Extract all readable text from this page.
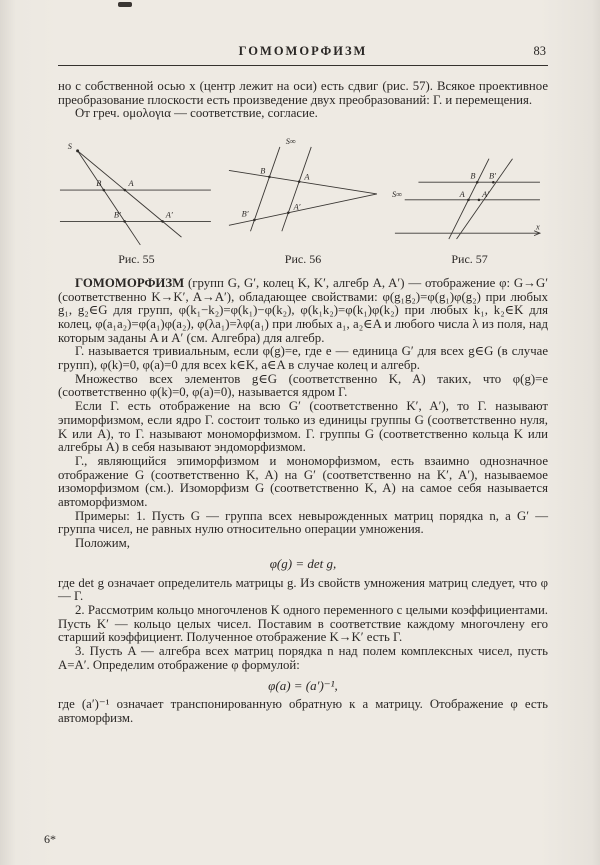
ГОМОМОРФИЗМ	83

но с собственной осью x (центр лежит на оси) есть сдвиг (рис. 57). Всякое проективное преобразование плоскости есть произведение двух преобразований: Г. и перемещения.

От греч. ομολογια — соответствие, согласие.

S
B	A
B′	A′
Рис. 55
S∞
B
A
B′
A′
Рис. 56
S∞
B B′
A A′
x
Рис. 57

ГОМОМОРФИЗМ (групп G, G′, колец K, K′, алгебр A, A′) — отображение φ: G→G′ (соответственно K→K′, A→A′), обладающее свойствами: φ(g₁g₂)=φ(g₁)φ(g₂) при любых g₁, g₂∈G для групп, φ(k₁−k₂)=φ(k₁)−φ(k₂), φ(k₁k₂)=φ(k₁)φ(k₂) при любых k₁, k₂∈K для колец, φ(a₁a₂)=φ(a₁)φ(a₂), φ(λa₁)=λφ(a₁) при любых a₁, a₂∈A и любого числа λ из поля, над которым заданы A и A′ (см. Алгебра) для алгебр.

Г. называется тривиальным, если φ(g)=e, где e — единица G′ для всех g∈G (в случае групп), φ(k)=0, φ(a)=0 для всех k∈K, a∈A в случае колец и алгебр.

Множество всех элементов g∈G (соответственно K, A) таких, что φ(g)=e (соответственно φ(k)=0, φ(a)=0), называется ядром Г.

Если Г. есть отображение на всю G′ (соответственно K′, A′), то Г. называют эпиморфизмом, если ядро Г. состоит только из единицы группы G (соответственно нуля, K или A), то Г. называют мономорфизмом. Г. группы G (соответственно кольца K или алгебры A) в себя называют эндоморфизмом.

Г., являющийся эпиморфизмом и мономорфизмом, есть взаимно однозначное отображение G (соответственно K, A) на G′ (соответственно на K′, A′), называемое изоморфизмом (см.). Изоморфизм G (соответственно K, A) на самое себя называется автоморфизмом.

Примеры: 1. Пусть G — группа всех невырожденных матриц порядка n, а G′ — группа чисел, не равных нулю относительно операции умножения.

Положим,

φ(g) = det g,

где det g означает определитель матрицы g. Из свойств умножения матриц следует, что φ — Г.

2. Рассмотрим кольцо многочленов K одного переменного с целыми коэффициентами. Пусть K′ — кольцо целых чисел. Поставим в соответствие каждому многочлену его старший коэффициент. Полученное отображение K→K′ есть Г.

3. Пусть A — алгебра всех матриц порядка n над полем комплексных чисел, пусть A=A′. Определим отображение φ формулой:

φ(a) = (a′)⁻¹,

где (a′)⁻¹ означает транспонированную обратную к a матрицу. Отображение φ есть автоморфизм.

6*
